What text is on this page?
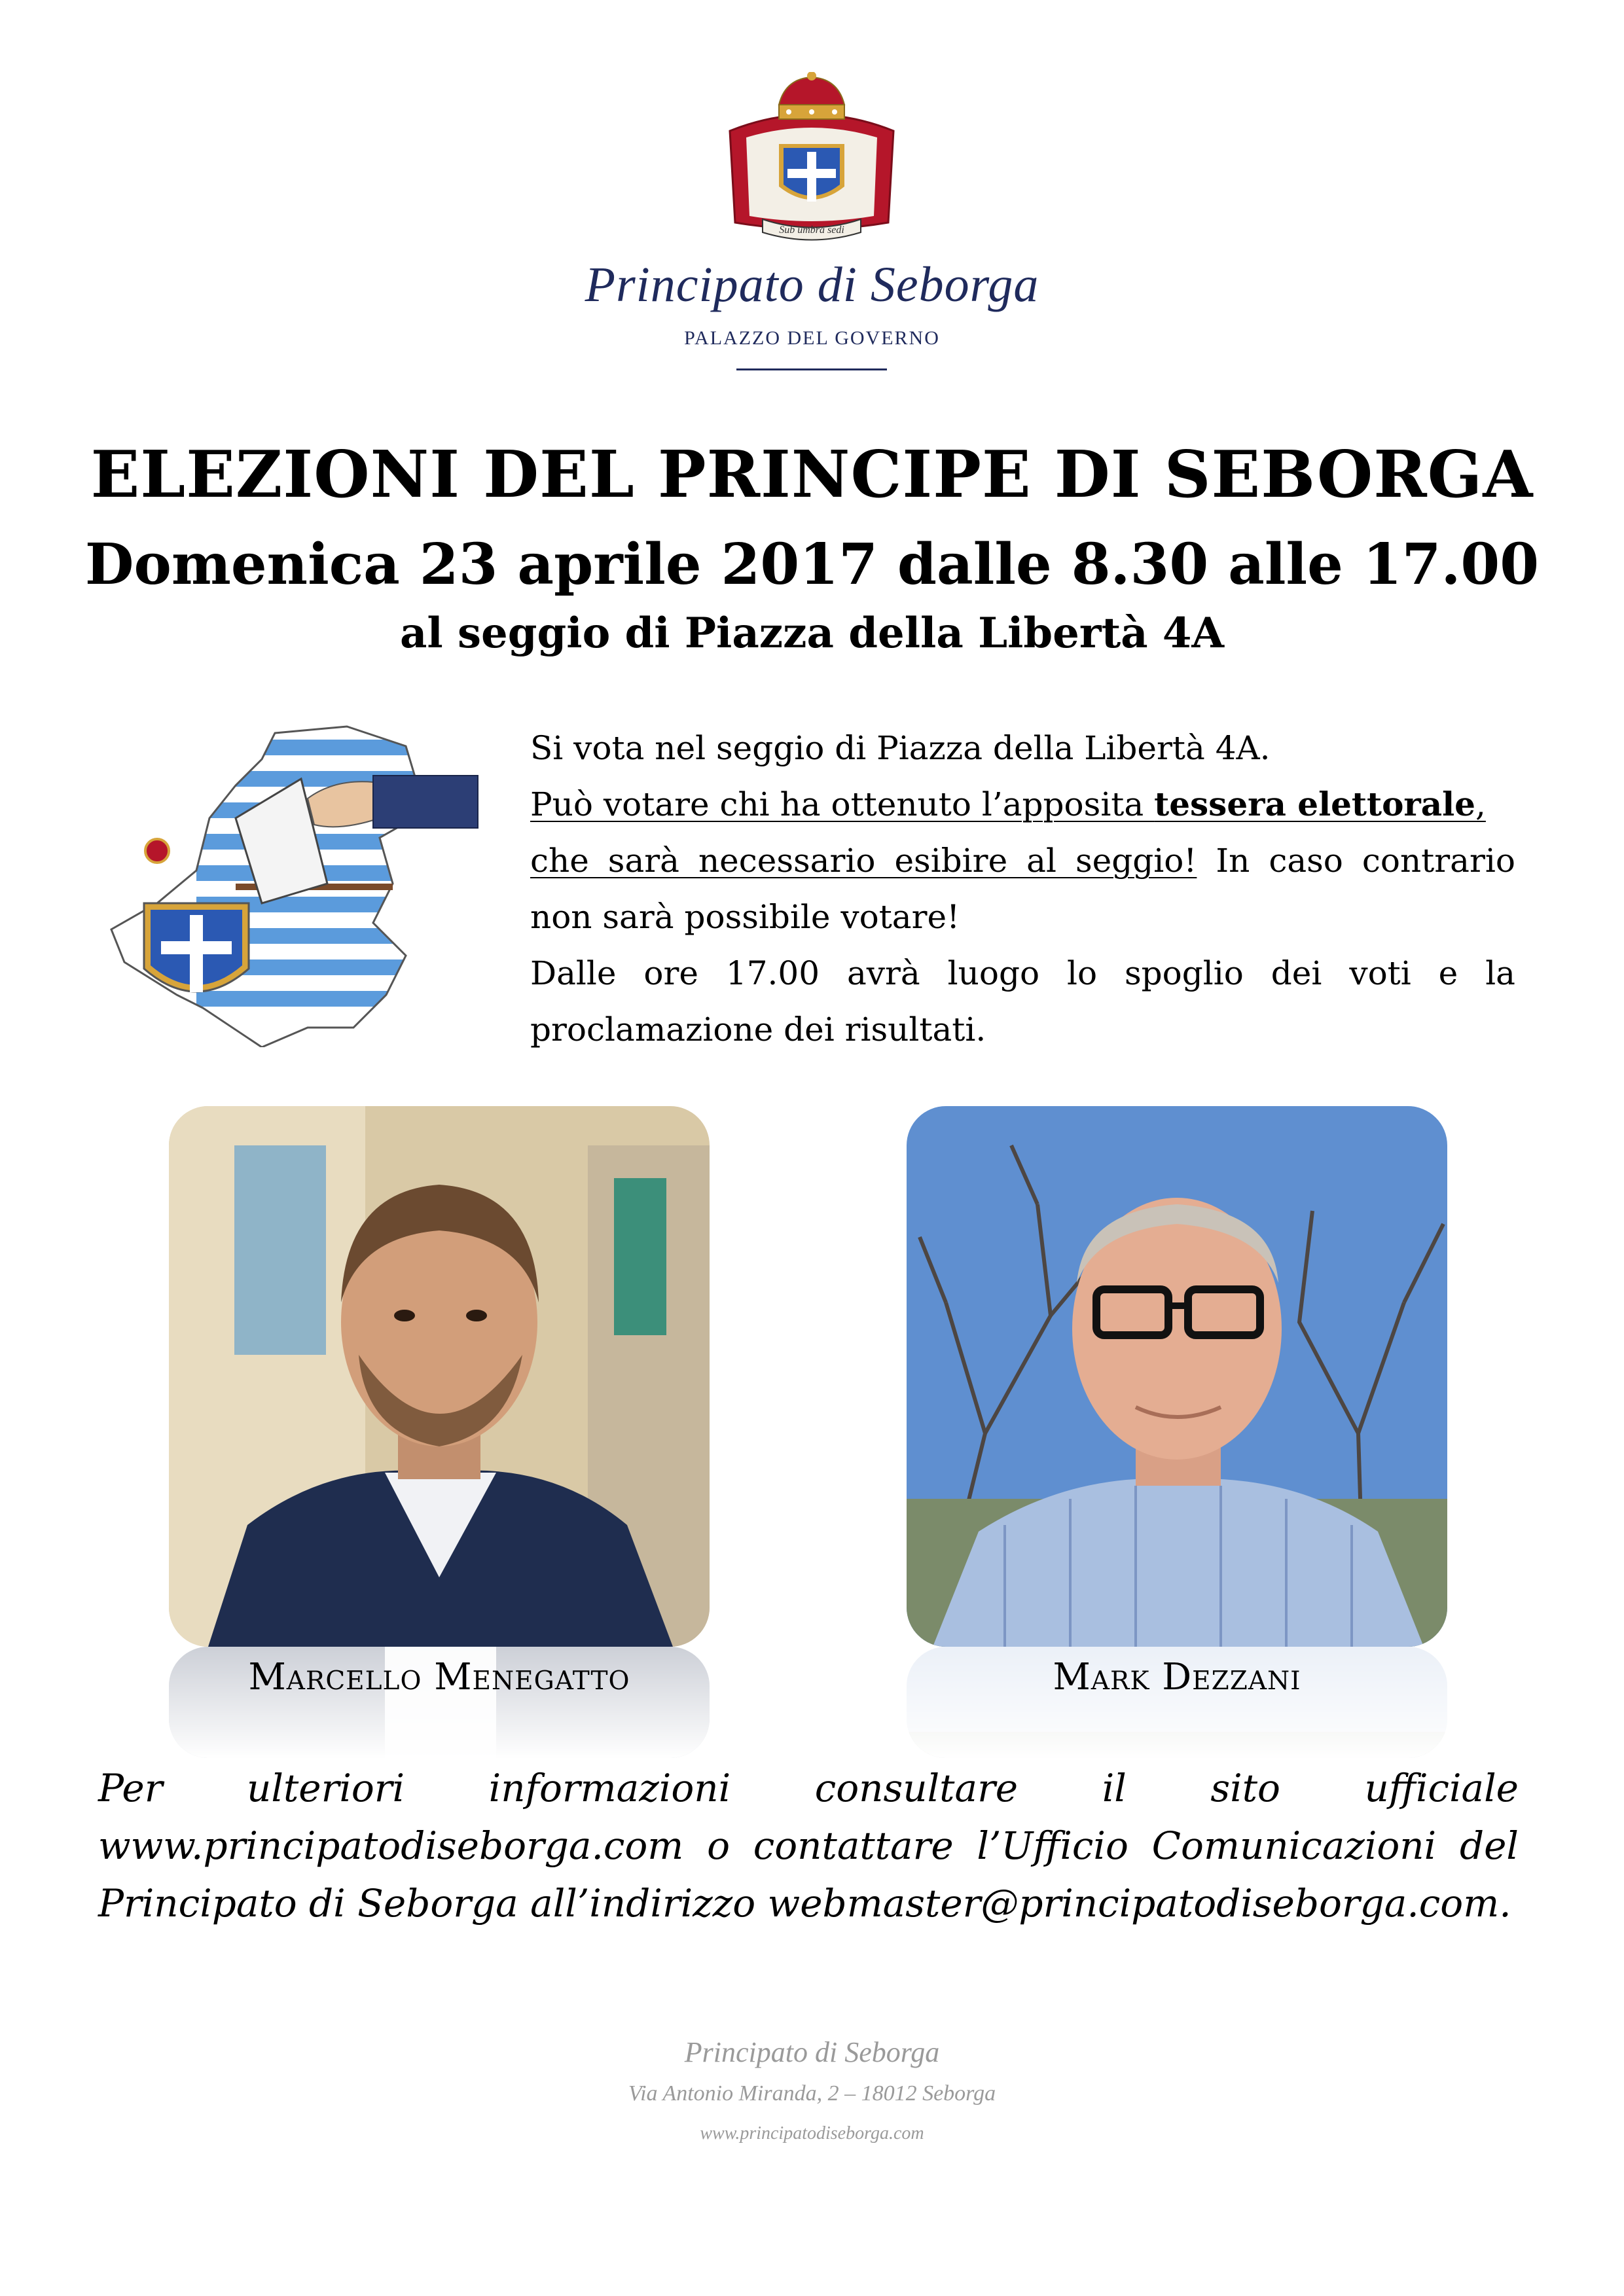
Sub umbra sedi
Principato di Seborga
PALAZZO DEL GOVERNO
ELEZIONI DEL PRINCIPE DI SEBORGA
Domenica 23 aprile 2017 dalle 8.30 alle 17.00
al seggio di Piazza della Libertà 4A

Si vota nel seggio di Piazza della Libertà 4A.

Può votare chi ha ottenuto l’apposita tessera elettorale,

che sarà necessario esibire al seggio! In caso contrario non sarà possibile votare!

Dalle ore 17.00 avrà luogo lo spoglio dei voti e la proclamazione dei risultati.

Marcello Menegatto	Mark Dezzani
Per ulteriori informazioni consultare il sito ufficiale www.principatodiseborga.com o contattare l’Ufficio Comunicazioni del Principato di Seborga all’indirizzo webmaster@principatodiseborga.com.
Principato di Seborga
Via Antonio Miranda, 2 – 18012 Seborga
www.principatodiseborga.com
